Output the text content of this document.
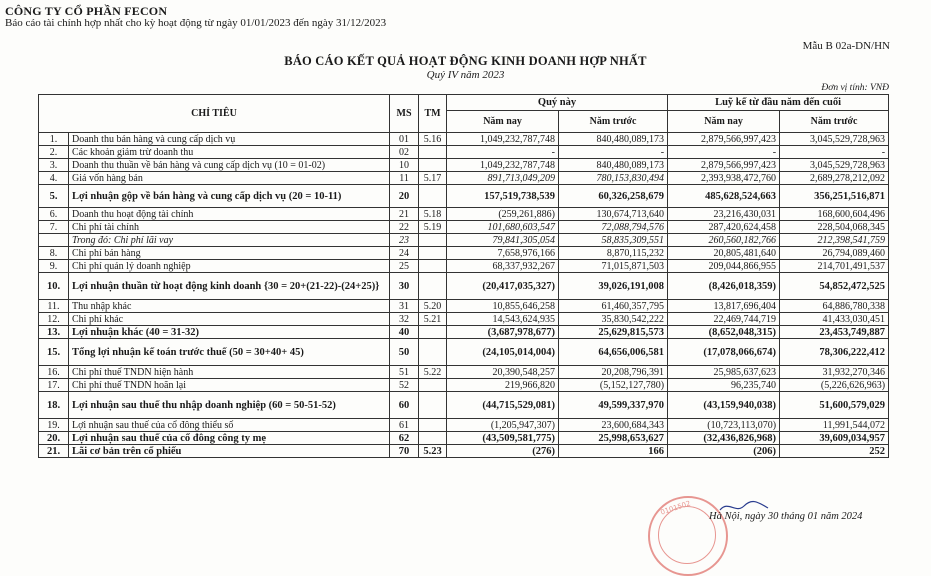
CÔNG TY CỔ PHẦN FECON
Báo cáo tài chính hợp nhất cho kỳ hoạt động từ ngày 01/01/2023 đến ngày 31/12/2023
Mẫu B 02a-DN/HN
BÁO CÁO KẾT QUẢ HOẠT ĐỘNG KINH DOANH HỢP NHẤT
Quý IV năm 2023
Đơn vị tính: VNĐ
CHỈ TIÊU		MS	TM	Quý này		Luỹ kế từ đầu năm đến cuối	
				Năm nay	Năm trước	Năm nay	Năm trước
1.	Doanh thu bán hàng và cung cấp dịch vụ	01	5.16	1,049,232,787,748	840,480,089,173	2,879,566,997,423	3,045,529,728,963
2.	Các khoản giảm trừ doanh thu	02		-	-	-	-
3.	Doanh thu thuần về bán hàng và cung cấp dịch vụ (10 = 01-02)	10		1,049,232,787,748	840,480,089,173	2,879,566,997,423	3,045,529,728,963
4.	Giá vốn hàng bán	11	5.17	891,713,049,209	780,153,830,494	2,393,938,472,760	2,689,278,212,092
5.	Lợi nhuận gộp về bán hàng và cung cấp dịch vụ (20 = 10-11)	20		157,519,738,539	60,326,258,679	485,628,524,663	356,251,516,871
6.	Doanh thu hoạt động tài chính	21	5.18	(259,261,886)	130,674,713,640	23,216,430,031	168,600,604,496
7.	Chi phí tài chính	22	5.19	101,680,603,547	72,088,794,576	287,420,624,458	228,504,068,345
	Trong đó: Chi phí lãi vay	23		79,841,305,054	58,835,309,551	260,560,182,766	212,398,541,759
8.	Chi phí bán hàng	24		7,658,976,166	8,870,115,232	20,805,481,640	26,794,089,460
9.	Chi phí quản lý doanh nghiệp	25		68,337,932,267	71,015,871,503	209,044,866,955	214,701,491,537
10.	Lợi nhuận thuần từ hoạt động kinh doanh {30 = 20+(21-22)-(24+25)}	30		(20,417,035,327)	39,026,191,008	(8,426,018,359)	54,852,472,525
11.	Thu nhập khác	31	5.20	10,855,646,258	61,460,357,795	13,817,696,404	64,886,780,338
12.	Chi phí khác	32	5.21	14,543,624,935	35,830,542,222	22,469,744,719	41,433,030,451
13.	Lợi nhuận khác (40 = 31-32)	40		(3,687,978,677)	25,629,815,573	(8,652,048,315)	23,453,749,887
15.	Tổng lợi nhuận kế toán trước thuế (50 = 30+40+ 45)	50		(24,105,014,004)	64,656,006,581	(17,078,066,674)	78,306,222,412
16.	Chi phí thuế TNDN hiện hành	51	5.22	20,390,548,257	20,208,796,391	25,985,637,623	31,932,270,346
17.	Chi phí thuế TNDN hoãn lại	52		219,966,820	(5,152,127,780)	96,235,740	(5,226,626,963)
18.	Lợi nhuận sau thuế thu nhập doanh nghiệp (60 = 50-51-52)	60		(44,715,529,081)	49,599,337,970	(43,159,940,038)	51,600,579,029
19.	Lợi nhuận sau thuế của cổ đông thiểu số	61		(1,205,947,307)	23,600,684,343	(10,723,113,070)	11,991,544,072
20.	Lợi nhuận sau thuế của cổ đông công ty mẹ	62		(43,509,581,775)	25,998,653,627	(32,436,826,968)	39,609,034,957
21.	Lãi cơ bản trên cổ phiếu	70	5.23	(276)	166	(206)	252
0101502 Hà Nội, ngày 30 tháng 01 năm 2024
